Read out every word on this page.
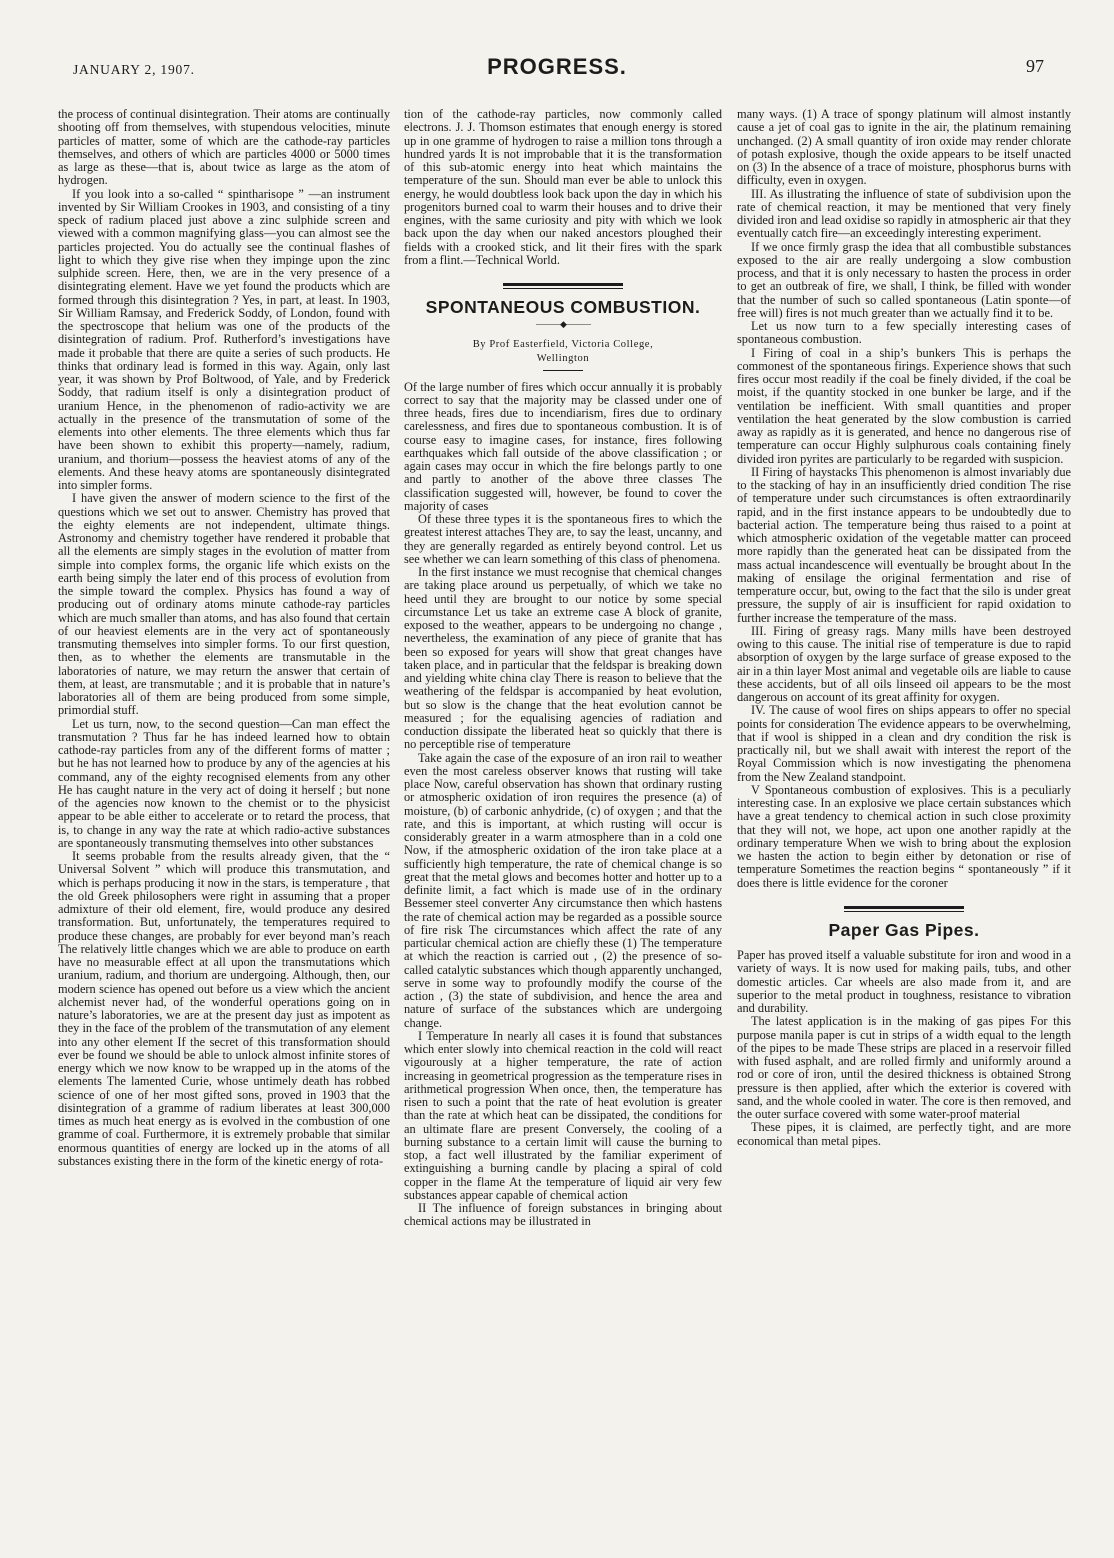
JANUARY 2, 1907.	PROGRESS.	97

the process of continual disintegration. Their atoms are continually shooting off from themselves, with stupendous velocities, minute particles of matter, some of which are the cathode-ray particles themselves, and others of which are particles 4000 or 5000 times as large as these—that is, about twice as large as the atom of hydrogen.

If you look into a so-called “ spintharisope ” —an instrument invented by Sir William Crookes in 1903, and consisting of a tiny speck of radium placed just above a zinc sulphide screen and viewed with a common magnifying glass—you can almost see the particles projected. You do actually see the continual flashes of light to which they give rise when they impinge upon the zinc sulphide screen. Here, then, we are in the very presence of a disintegrating element. Have we yet found the products which are formed through this disintegration ? Yes, in part, at least. In 1903, Sir William Ramsay, and Frederick Soddy, of London, found with the spectroscope that helium was one of the products of the disintegration of radium. Prof. Rutherford’s investigations have made it probable that there are quite a series of such products. He thinks that ordinary lead is formed in this way. Again, only last year, it was shown by Prof Boltwood, of Yale, and by Frederick Soddy, that radium itself is only a disintegration product of uranium Hence, in the phenomenon of radio-activity we are actually in the presence of the transmutation of some of the elements into other elements. The three elements which thus far have been shown to exhibit this property—namely, radium, uranium, and thorium—possess the heaviest atoms of any of the elements. And these heavy atoms are spontaneously disintegrated into simpler forms.

I have given the answer of modern science to the first of the questions which we set out to answer. Chemistry has proved that the eighty elements are not independent, ultimate things. Astronomy and chemistry together have rendered it probable that all the elements are simply stages in the evolution of matter from simple into complex forms, the organic life which exists on the earth being simply the later end of this process of evolution from the simple toward the complex. Physics has found a way of producing out of ordinary atoms minute cathode-ray particles which are much smaller than atoms, and has also found that certain of our heaviest elements are in the very act of spontaneously transmuting themselves into simpler forms. To our first question, then, as to whether the elements are transmutable in the laboratories of nature, we may return the answer that certain of them, at least, are transmutable ; and it is probable that in nature’s laboratories all of them are being produced from some simple, primordial stuff.

Let us turn, now, to the second question—Can man effect the transmutation ? Thus far he has indeed learned how to obtain cathode-ray particles from any of the different forms of matter ; but he has not learned how to produce by any of the agencies at his command, any of the eighty recognised elements from any other He has caught nature in the very act of doing it herself ; but none of the agencies now known to the chemist or to the physicist appear to be able either to accelerate or to retard the process, that is, to change in any way the rate at which radio-active substances are spontaneously transmuting themselves into other substances

It seems probable from the results already given, that the “ Universal Solvent ” which will produce this transmutation, and which is perhaps producing it now in the stars, is temperature , that the old Greek philosophers were right in assuming that a proper admixture of their old element, fire, would produce any desired transformation. But, unfortunately, the temperatures required to produce these changes, are probably for ever beyond man’s reach The relatively little changes which we are able to produce on earth have no measurable effect at all upon the transmutations which uranium, radium, and thorium are undergoing. Although, then, our modern science has opened out before us a view which the ancient alchemist never had, of the wonderful operations going on in nature’s laboratories, we are at the present day just as impotent as they in the face of the problem of the transmutation of any element into any other element If the secret of this transformation should ever be found we should be able to unlock almost infinite stores of energy which we now know to be wrapped up in the atoms of the elements The lamented Curie, whose untimely death has robbed science of one of her most gifted sons, proved in 1903 that the disintegration of a gramme of radium liberates at least 300,000 times as much heat energy as is evolved in the combustion of one gramme of coal. Furthermore, it is extremely probable that similar enormous quantities of energy are locked up in the atoms of all substances existing there in the form of the kinetic energy of rota-

tion of the cathode-ray particles, now commonly called electrons. J. J. Thomson estimates that enough energy is stored up in one gramme of hydrogen to raise a million tons through a hundred yards It is not improbable that it is the transformation of this sub-atomic energy into heat which maintains the temperature of the sun. Should man ever be able to unlock this energy, he would doubtless look back upon the day in which his progenitors burned coal to warm their houses and to drive their engines, with the same curiosity and pity with which we look back upon the day when our naked ancestors ploughed their fields with a crooked stick, and lit their fires with the spark from a flint.—Technical World.

SPONTANEOUS COMBUSTION.
———◆———
By Prof Easterfield, Victoria College,
Wellington

Of the large number of fires which occur annually it is probably correct to say that the majority may be classed under one of three heads, fires due to incendiarism, fires due to ordinary carelessness, and fires due to spontaneous combustion. It is of course easy to imagine cases, for instance, fires following earthquakes which fall outside of the above classification ; or again cases may occur in which the fire belongs partly to one and partly to another of the above three classes The classification suggested will, however, be found to cover the majority of cases

Of these three types it is the spontaneous fires to which the greatest interest attaches They are, to say the least, uncanny, and they are generally regarded as entirely beyond control. Let us see whether we can learn something of this class of phenomena.

In the first instance we must recognise that chemical changes are taking place around us perpetually, of which we take no heed until they are brought to our notice by some special circumstance Let us take an extreme case A block of granite, exposed to the weather, appears to be undergoing no change , nevertheless, the examination of any piece of granite that has been so exposed for years will show that great changes have taken place, and in particular that the feldspar is breaking down and yielding white china clay There is reason to believe that the weathering of the feldspar is accompanied by heat evolution, but so slow is the change that the heat evolution cannot be measured ; for the equalising agencies of radiation and conduction dissipate the liberated heat so quickly that there is no perceptible rise of temperature

Take again the case of the exposure of an iron rail to weather even the most careless observer knows that rusting will take place Now, careful observation has shown that ordinary rusting or atmospheric oxidation of iron requires the presence (a) of moisture, (b) of carbonic anhydride, (c) of oxygen ; and that the rate, and this is important, at which rusting will occur is considerably greater in a warm atmosphere than in a cold one Now, if the atmospheric oxidation of the iron take place at a sufficiently high temperature, the rate of chemical change is so great that the metal glows and becomes hotter and hotter up to a definite limit, a fact which is made use of in the ordinary Bessemer steel converter Any circumstance then which hastens the rate of chemical action may be regarded as a possible source of fire risk The circumstances which affect the rate of any particular chemical action are chiefly these (1) The temperature at which the reaction is carried out , (2) the presence of so-called catalytic substances which though apparently unchanged, serve in some way to profoundly modify the course of the action , (3) the state of subdivision, and hence the area and nature of surface of the substances which are undergoing change.

I Temperature In nearly all cases it is found that substances which enter slowly into chemical reaction in the cold will react vigourously at a higher temperature, the rate of action increasing in geometrical progression as the temperature rises in arithmetical progression When once, then, the temperature has risen to such a point that the rate of heat evolution is greater than the rate at which heat can be dissipated, the conditions for an ultimate flare are present Conversely, the cooling of a burning substance to a certain limit will cause the burning to stop, a fact well illustrated by the familiar experiment of extinguishing a burning candle by placing a spiral of cold copper in the flame At the temperature of liquid air very few substances appear capable of chemical action

II The influence of foreign substances in bringing about chemical actions may be illustrated in

many ways. (1) A trace of spongy platinum will almost instantly cause a jet of coal gas to ignite in the air, the platinum remaining unchanged. (2) A small quantity of iron oxide may render chlorate of potash explosive, though the oxide appears to be itself unacted on (3) In the absence of a trace of moisture, phosphorus burns with difficulty, even in oxygen.

III. As illustrating the influence of state of subdivision upon the rate of chemical reaction, it may be mentioned that very finely divided iron and lead oxidise so rapidly in atmospheric air that they eventually catch fire—an exceedingly interesting experiment.

If we once firmly grasp the idea that all combustible substances exposed to the air are really undergoing a slow combustion process, and that it is only necessary to hasten the process in order to get an outbreak of fire, we shall, I think, be filled with wonder that the number of such so called spontaneous (Latin sponte—of free will) fires is not much greater than we actually find it to be.

Let us now turn to a few specially interesting cases of spontaneous combustion.

I Firing of coal in a ship’s bunkers This is perhaps the commonest of the spontaneous firings. Experience shows that such fires occur most readily if the coal be finely divided, if the coal be moist, if the quantity stocked in one bunker be large, and if the ventilation be inefficient. With small quantities and proper ventilation the heat generated by the slow combustion is carried away as rapidly as it is generated, and hence no dangerous rise of temperature can occur Highly sulphurous coals containing finely divided iron pyrites are particularly to be regarded with suspicion.

II Firing of haystacks This phenomenon is almost invariably due to the stacking of hay in an insufficiently dried condition The rise of temperature under such circumstances is often extraordinarily rapid, and in the first instance appears to be undoubtedly due to bacterial action. The temperature being thus raised to a point at which atmospheric oxidation of the vegetable matter can proceed more rapidly than the generated heat can be dissipated from the mass actual incandescence will eventually be brought about In the making of ensilage the original fermentation and rise of temperature occur, but, owing to the fact that the silo is under great pressure, the supply of air is insufficient for rapid oxidation to further increase the temperature of the mass.

III. Firing of greasy rags. Many mills have been destroyed owing to this cause. The initial rise of temperature is due to rapid absorption of oxygen by the large surface of grease exposed to the air in a thin layer Most animal and vegetable oils are liable to cause these accidents, but of all oils linseed oil appears to be the most dangerous on account of its great affinity for oxygen.

IV. The cause of wool fires on ships appears to offer no special points for consideration The evidence appears to be overwhelming, that if wool is shipped in a clean and dry condition the risk is practically nil, but we shall await with interest the report of the Royal Commission which is now investigating the phenomena from the New Zealand standpoint.

V Spontaneous combustion of explosives. This is a peculiarly interesting case. In an explosive we place certain substances which have a great tendency to chemical action in such close proximity that they will not, we hope, act upon one another rapidly at the ordinary temperature When we wish to bring about the explosion we hasten the action to begin either by detonation or rise of temperature Sometimes the reaction begins “ spontaneously ” if it does there is little evidence for the coroner

Paper Gas Pipes.

Paper has proved itself a valuable substitute for iron and wood in a variety of ways. It is now used for making pails, tubs, and other domestic articles. Car wheels are also made from it, and are superior to the metal product in toughness, resistance to vibration and durability.

The latest application is in the making of gas pipes For this purpose manila paper is cut in strips of a width equal to the length of the pipes to be made These strips are placed in a reservoir filled with fused asphalt, and are rolled firmly and uniformly around a rod or core of iron, until the desired thickness is obtained Strong pressure is then applied, after which the exterior is covered with sand, and the whole cooled in water. The core is then removed, and the outer surface covered with some water-proof material

These pipes, it is claimed, are perfectly tight, and are more economical than metal pipes.
